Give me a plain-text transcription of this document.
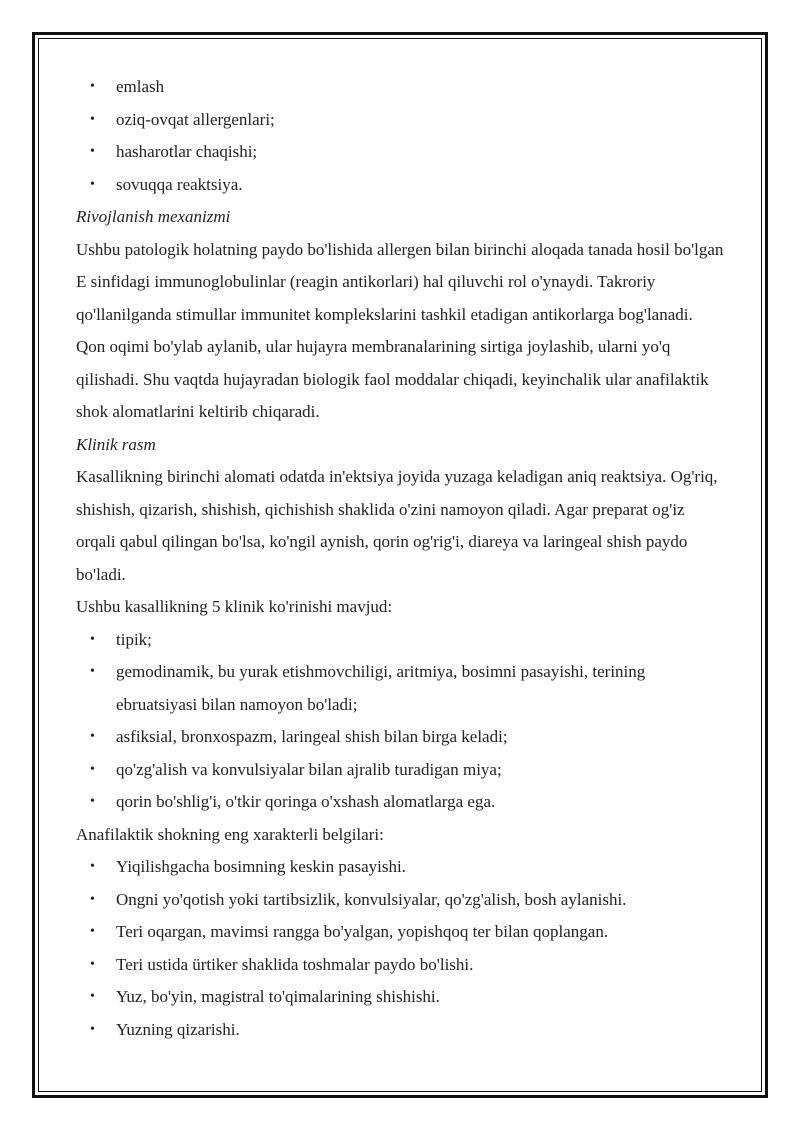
• emlash
• oziq-ovqat allergenlari;
• hasharotlar chaqishi;
• sovuqqa reaktsiya.

Rivojlanish mexanizmi

Ushbu patologik holatning paydo bo'lishida allergen bilan birinchi aloqada tanada hosil bo'lgan E sinfidagi immunoglobulinlar (reagin antikorlari) hal qiluvchi rol o'ynaydi. Takroriy qo'llanilganda stimullar immunitet komplekslarini tashkil etadigan antikorlarga bog'lanadi. Qon oqimi bo'ylab aylanib, ular hujayra membranalarining sirtiga joylashib, ularni yo'q qilishadi. Shu vaqtda hujayradan biologik faol moddalar chiqadi, keyinchalik ular anafilaktik shok alomatlarini keltirib chiqaradi.

Klinik rasm

Kasallikning birinchi alomati odatda in'ektsiya joyida yuzaga keladigan aniq reaktsiya. Og'riq, shishish, qizarish, shishish, qichishish shaklida o'zini namoyon qiladi. Agar preparat og'iz orqali qabul qilingan bo'lsa, ko'ngil aynish, qorin og'rig'i, diareya va laringeal shish paydo bo'ladi.

Ushbu kasallikning 5 klinik ko'rinishi mavjud:

• tipik;
• gemodinamik, bu yurak etishmovchiligi, aritmiya, bosimni pasayishi, terining ebruatsiyasi bilan namoyon bo'ladi;
• asfiksial, bronxospazm, laringeal shish bilan birga keladi;
• qo'zg'alish va konvulsiyalar bilan ajralib turadigan miya;
• qorin bo'shlig'i, o'tkir qoringa o'xshash alomatlarga ega.

Anafilaktik shokning eng xarakterli belgilari:

• Yiqilishgacha bosimning keskin pasayishi.
• Ongni yo'qotish yoki tartibsizlik, konvulsiyalar, qo'zg'alish, bosh aylanishi.
• Teri oqargan, mavimsi rangga bo'yalgan, yopishqoq ter bilan qoplangan.
• Teri ustida ürtiker shaklida toshmalar paydo bo'lishi.
• Yuz, bo'yin, magistral to'qimalarining shishishi.
• Yuzning qizarishi.
